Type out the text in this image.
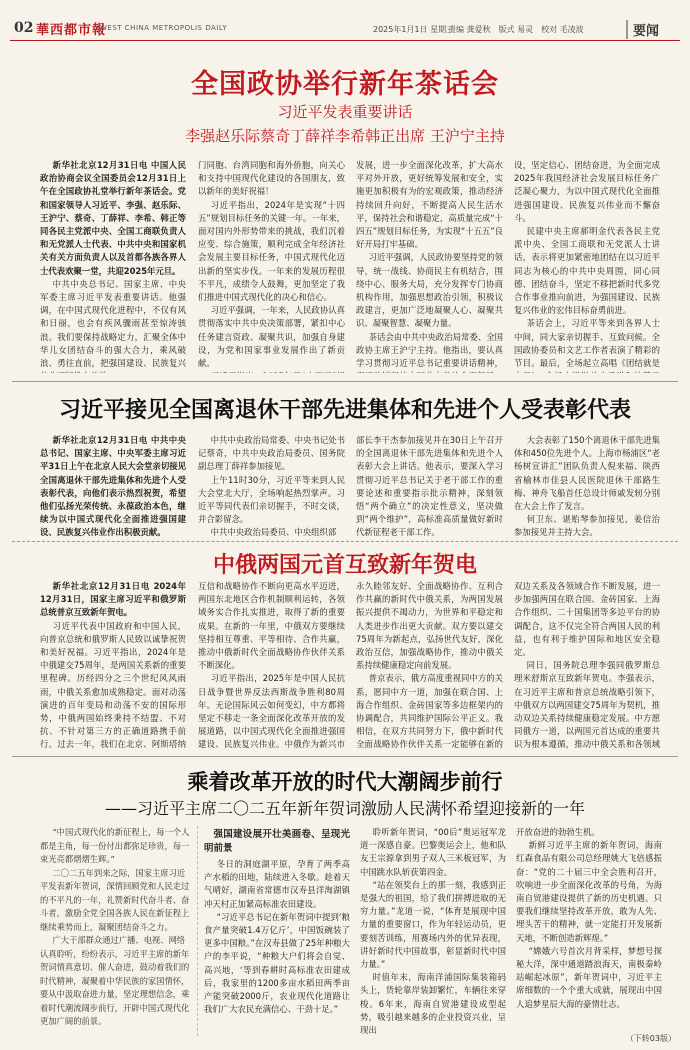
02 華西都市報
WEST CHINA METROPOLIS DAILY	2025年1月1日 星期三
责编 龚爱秋　版式 易灵　校对 毛凌波	要闻
全国政协举行新年茶话会
习近平发表重要讲话
李强赵乐际蔡奇丁薛祥李希韩正出席 王沪宁主持

新华社北京12月31日电 中国人民政治协商会议全国委员会12月31日上午在全国政协礼堂举行新年茶话会。党和国家领导人习近平、李强、赵乐际、王沪宁、蔡奇、丁薛祥、李希、韩正等同各民主党派中央、全国工商联负责人和无党派人士代表、中共中央和国家机关有关方面负责人以及首都各族各界人士代表欢聚一堂，共迎2025年元旦。

中共中央总书记、国家主席、中央军委主席习近平发表重要讲话。他强调，在中国式现代化进程中，不仅有风和日丽，也会有疾风骤雨甚至惊涛骇浪。我们要保持战略定力，汇聚全体中华儿女团结奋斗的强大合力，乘风破浪、勇往直前，把强国建设、民族复兴

门同胞、台湾同胞和海外侨胞，向关心和支持中国现代化建设的各国朋友，致以新年的美好祝福！

习近平指出，2024年是实现“十四五”规划目标任务的关键一年。一年来，面对国内外形势带来的挑战，我们沉着应变、综合施策，顺利完成全年经济社会发展主要目标任务，中国式现代化迈出新的坚实步伐。一年来的发展历程很不平凡，成绩令人鼓舞，更加坚定了我们推进中国式现代化的决心和信心。

习近平强调，一年来，人民政协认真贯彻落实中共中央决策部署，紧扣中心任务建言资政、凝聚共识，加强自身建设，为党和国家事业发展作出了新贡献。

发展，进一步全面深化改革，扩大高水平对外开放，更好统筹发展和安全，实施更加积极有为的宏观政策，推动经济持续回升向好，不断提高人民生活水平，保持社会和谐稳定，高质量完成“十四五”规划目标任务，为实现“十五五”良好开局打牢基础。

习近平强调，人民政协要坚持党的领导，统一战线、协商民主有机结合，围绕中心、服务大局，充分发挥专门协商机构作用，加强思想政治引领，积极议政建言，更加广泛地凝聚人心、凝聚共识、凝聚智慧、凝聚力量。

茶话会由中共中央政治局常委、全国政协主席王沪宁主持。他指出，要认真学习贯彻习近平总书记重要讲话精神，

设，坚定信心、团结奋进，为全面完成2025年我国经济社会发展目标任务广泛凝心聚力，为以中国式现代化全面推进强国建设、民族复兴伟业而不懈奋斗。

民建中央主席郝明金代表各民主党派中央、全国工商联和无党派人士讲话，表示将更加紧密地团结在以习近平同志为核心的中共中央周围，同心同德、团结奋斗，坚定不移把新时代多党合作事业推向前进，为强国建设、民族复兴伟业的宏伟目标奋勇前进。

茶话会上，习近平等来到各界人士中间，同大家亲切握手、互致问候。全国政协委员和文艺工作者表演了精彩的节目。最后，全场起立高唱《团结就是

习近平接见全国离退休干部先进集体和先进个人受表彰代表

新华社北京12月31日电 中共中央总书记、国家主席、中央军委主席习近平31日上午在北京人民大会堂亲切接见全国离退休干部先进集体和先进个人受表彰代表，向他们表示热烈祝贺，希望他们弘扬光荣传统、永葆政治本色，继续为以中国式现代化全面推进强国建设、民族复兴伟业作出积极贡献。

中共中央政治局常委、中央书记处书记蔡奇，中共中央政治局委员、国务院副总理丁薛祥参加接见。

上午11时30分，习近平等来到人民大会堂北大厅，全场响起热烈掌声。习近平等同代表们亲切握手，不时交谈，并合影留念。

中共中央政治局委员、中央组织部

部长李干杰参加接见并在30日上午召开的全国离退休干部先进集体和先进个人表彰大会上讲话。他表示，要深入学习贯彻习近平总书记关于老干部工作的重要论述和重要指示批示精神，深刻领悟“两个确立”的决定性意义，坚决做到“两个维护”，高标准高质量做好新时代新征程老干部工作。

大会表彰了150个离退休干部先进集体和450位先进个人。上海市杨浦区“老杨树宣讲汇”团队负责人倪来福、陕西省榆林市佳县人民医院退休干部路生梅、神舟飞船首任总设计师戚发轫分别在大会上作了发言。

何卫东、谌贻琴参加接见，姜信治参加接见并主持大会。

中俄两国元首互致新年贺电

新华社北京12月31日电 2024年12月31日，国家主席习近平和俄罗斯总统普京互致新年贺电。

习近平代表中国政府和中国人民，向普京总统和俄罗斯人民致以诚挚祝贺和美好祝福。习近平指出，2024年是中俄建交75周年，是两国关系新的重要里程碑。历经四分之三个世纪风风雨雨，中俄关系愈加成熟稳定。面对动荡演进的百年变局和动荡不安的国际形势，中俄两国始终秉持不结盟、不对抗、不针对第三方的正确道路携手前行。过去一年，我们在北京、阿斯塔纳

互信和战略协作不断向更高水平迈进，两国东北地区合作机制顺利运转，各领域务实合作扎实推进，取得了新的重要成果。在新的一年里，中俄双方要继续坚持相互尊重、平等相待、合作共赢，推动中俄新时代全面战略协作伙伴关系不断深化。

习近平指出，2025年是中国人民抗日战争暨世界反法西斯战争胜利80周年。无论国际风云如何变幻，中方都将坚定不移走一条全面深化改革开放的发展道路，以中国式现代化全面推进强国建设、民族复兴伟业。中俄作为新兴市

永久睦邻友好、全面战略协作、互利合作共赢的新时代中俄关系，为两国发展振兴提供不竭动力，为世界和平稳定和人类进步作出更大贡献。双方要以建交75周年为新起点，弘扬世代友好，深化政治互信，加强战略协作，推动中俄关系持续健康稳定向前发展。

普京表示，俄方高度重视同中方的关系，愿同中方一道，加强在联合国、上海合作组织、金砖国家等多边框架内的协调配合，共同维护国际公平正义。我相信，在双方共同努力下，俄中新时代全面战略协作伙伴关系一定能够在新的

双边关系及各领域合作不断发展，进一步加强两国在联合国、金砖国家、上海合作组织、二十国集团等多边平台的协调配合，这不仅完全符合两国人民的利益，也有利于维护国际和地区安全稳定。

同日，国务院总理李强同俄罗斯总理米舒斯京互致新年贺电。李强表示，在习近平主席和普京总统战略引领下，中俄双方以两国建交75周年为契机，推动双边关系持续健康稳定发展。中方愿同俄方一道，以两国元首达成的重要共识为根本遵循，推动中俄关系和各领域

乘着改革开放的时代大潮阔步前行
——习近平主席二〇二五年新年贺词激励人民满怀希望迎接新的一年

“中国式现代化的新征程上，每一个人都是主角，每一份付出都弥足珍贵，每一束光亮都熠熠生辉。”

二〇二五年到来之际，国家主席习近平发表新年贺词，深情回顾党和人民走过的不平凡的一年，礼赞新时代奋斗者、奋斗者，激励全党全国各族人民在新征程上继续乘势而上，凝聚团结奋斗之力。

广大干部群众通过广播、电视、网络认真聆听，纷纷表示，习近平主席的新年贺词情真意切、催人奋进，鼓动着我们的时代精神，凝聚着中华民族的家国情怀，要从中汲取奋进力量，坚定理想信念，乘着时代潮流阔步前行，开辟中国式现代化更加广阔的前景。

强国建设展开壮美画卷、呈现光明前景

冬日的洞庭湖平原，孕育了两季高产水稻的田地，陆续进入冬歇。趁着天气晴好，湖南省常德市汉寿县洋淘湖镇冲天村正加紧高标准农田建设。

“习近平总书记在新年贺词中提到‘粮食产量突破1.4万亿斤’，中国饭碗装了更多中国粮。”在汉寿县做了25年种粮大户的李平说，“种粮大户们将会自觉、高兴地，‘等到春耕时高标准农田建成后，我家里的1200多亩水稻田两季亩产能突破2000斤，农业现代化道路让我们广大农民充满信心、干劲十足。”

聆听新年贺词，“00后”奥运冠军龙道一深感自豪。巴黎奥运会上，他和队友王宗源拿到男子双人三米板冠军，为中国跳水队斩获第四金。

“站在领奖台上的那一刻，我感到正是强大的祖国，给了我们拼搏进取的无穷力量。”龙道一说，“体育是展现中国力量的重要窗口，作为年轻运动员，更要刻苦训练，用赛场内外的优异表现，讲好新时代中国故事，彰显新时代中国力量。”

时值年末，海南洋浦国际集装箱码头上，货轮靠岸装卸繁忙，车辆往来穿梭。6年来，海南自贸港建设成型起势，吸引越来越多的企业投资兴业，呈现出

开放奋进的勃勃生机。

新鲜习近平主席的新年贺词，海南红森食品有限公司总经理姚大飞倍感振奋：“党的二十届三中全会胜利召开，吹响进一步全面深化改革的号角，为海南自贸港建设提供了新的历史机遇。只要我们继续坚持改革开放，敢为人先、埋头苦干的精神，就一定能打开发展新天地，不断创造新辉煌。”

“嫦娥六号首次月背采样，梦想号探秘大洋，深中通道踏浪海天，南极秦岭站崛起冰原”，新年贺词中，习近平主席细数的一个个重大成就，展现出中国人追梦星辰大海的豪情壮志。

（下转03版）
